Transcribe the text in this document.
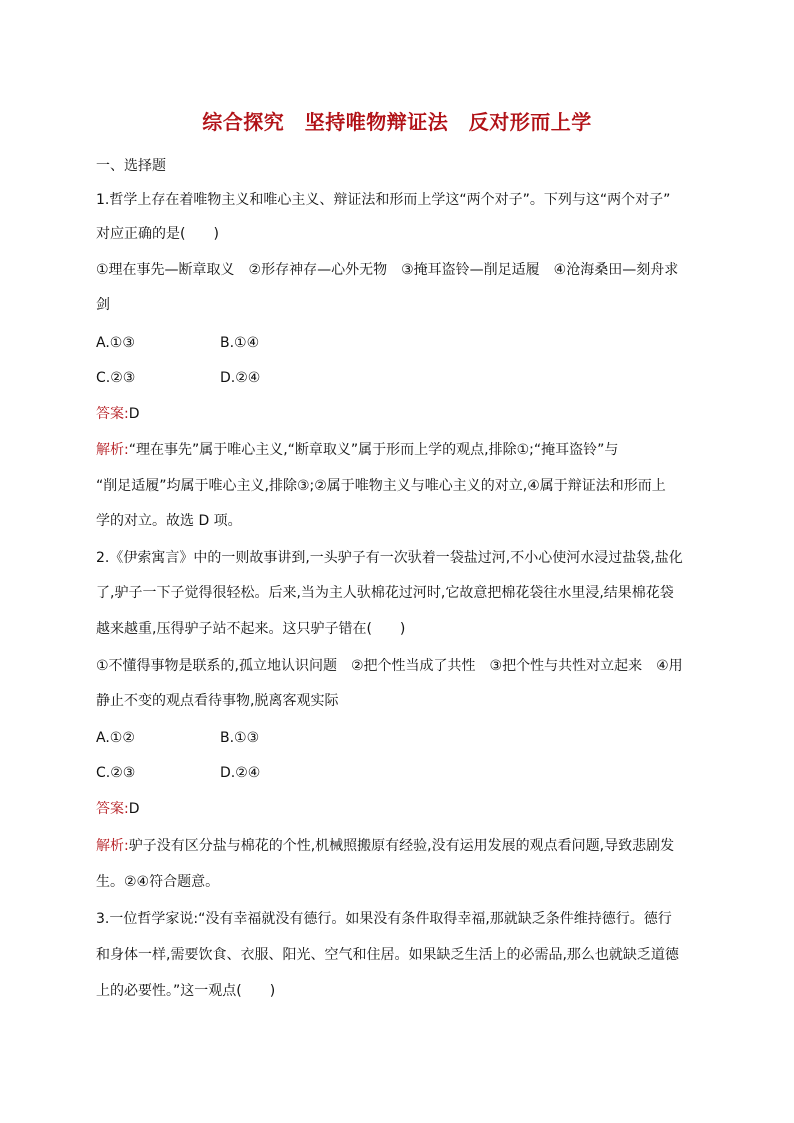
综合探究　坚持唯物辩证法　反对形而上学
一、选择题
1.哲学上存在着唯物主义和唯心主义、辩证法和形而上学这“两个对子”。下列与这“两个对子”
对应正确的是(　　)
①理在事先—断章取义　②形存神存—心外无物　③掩耳盗铃—削足适履　④沧海桑田—刻舟求
剑
A.①③	B.①④
C.②③	D.②④
答案:D
解析:“理在事先”属于唯心主义,“断章取义”属于形而上学的观点,排除①;“掩耳盗铃”与
“削足适履”均属于唯心主义,排除③;②属于唯物主义与唯心主义的对立,④属于辩证法和形而上
学的对立。故选 D 项。
2.《伊索寓言》中的一则故事讲到,一头驴子有一次驮着一袋盐过河,不小心使河水浸过盐袋,盐化
了,驴子一下子觉得很轻松。后来,当为主人驮棉花过河时,它故意把棉花袋往水里浸,结果棉花袋
越来越重,压得驴子站不起来。这只驴子错在(　　)
①不懂得事物是联系的,孤立地认识问题　②把个性当成了共性　③把个性与共性对立起来　④用
静止不变的观点看待事物,脱离客观实际
A.①②	B.①③
C.②③	D.②④
答案:D
解析:驴子没有区分盐与棉花的个性,机械照搬原有经验,没有运用发展的观点看问题,导致悲剧发
生。②④符合题意。
3.一位哲学家说:“没有幸福就没有德行。如果没有条件取得幸福,那就缺乏条件维持德行。德行
和身体一样,需要饮食、衣服、阳光、空气和住居。如果缺乏生活上的必需品,那么也就缺乏道德
上的必要性。”这一观点(　　)
